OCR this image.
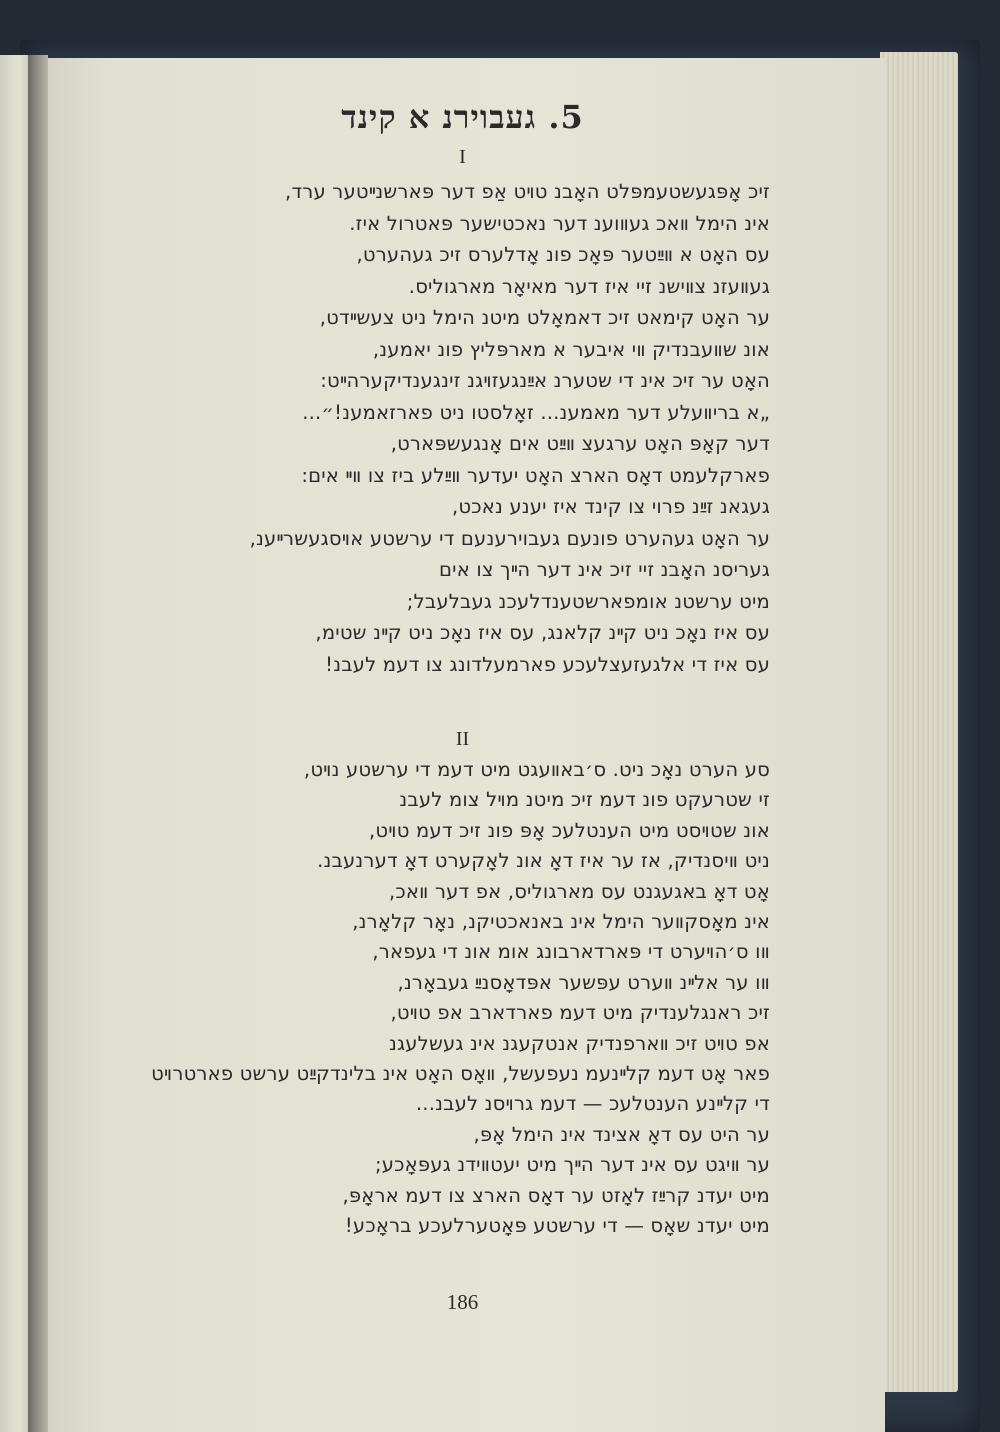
5. געבוירנ א קינד
I
זיכ אָפּגעשטעמפּלט האָבנ טױט אַפ דער פּארשנײטער ערד,
אינ הימל װאכ געװוענ דער נאכטישער פּאטרול איז.
עס האָט א װײַטער פּאָכ פונ אָדלערס זיכ געהערט,
געװעזנ צװישנ זיי איז דער מאיאָר מארגוליס.
ער האָט קימאט זיכ דאמאָלט מיטנ הימל ניט צעשײדט,
אונ שװעבנדיק װי איבער א מארפּליץ פונ יאמענ,
האָט ער זיכ אינ די שטערנ אײַנגעזױגנ זינגענדיקערהײט:
„א בריװעלע דער מאמענ... זאָלסטו ניט פארזאמענ!״...
דער קאָפּ האָט ערגעצ װײַט אים אָנגעשפּארט,
פארקלעמט דאָס הארצ האָט יעדער װײַלע ביז צו װײ אים:
געגאנ זײַנ פרוי צו קינד איז יענע נאכט,
ער האָט געהערט פונעם געבוירענעם די ערשטע אױסגעשרײענ,
געריסנ האָבנ זיי זיכ אינ דער הײך צו אים
מיט ערשטנ אומפארשטענדלעכנ געבלעבל;
עס איז נאָכ ניט קײנ קלאנג, עס איז נאָכ ניט קײנ שטימ,
עס איז די אלגעזעצלעכע פארמעלדונג צו דעמ לעבנ!
II
סע הערט נאָכ ניט. ס׳באװעגט מיט דעמ די ערשטע נױט,
זי שטרעקט פונ דעמ זיכ מיטנ מױל צומ לעבנ
אונ שטױסט מיט הענטלעכ אָפּ פונ זיכ דעמ טױט,
ניט װיסנדיק, אז ער איז דאָ אונ לאָקערט דאָ דערנעבנ.
אָט דאָ באגעגנט עס מארגוליס, אפ דער װאכ,
אינ מאָסקװער הימל אינ באנאכטיקנ, נאָר קלאָרנ,
װו ס׳הױערט די פּארדארבונג אומ אונ די געפאר,
װו ער אלײנ װערט עפּשער אפּדאָסנײַ געבאָרנ,
זיכ ראנגלענדיק מיט דעמ פארדארב אפ טױט,
אפ טױט זיכ װארפנדיק אנטקעגנ אינ געשלעגנ
פאר אָט דעמ קלײנעמ נעפעשל, װאָס האָט אינ בלינדקײַט ערשט פארטרױט
די קלײנע הענטלעכ — דעמ גרױסנ לעבנ...
ער היט עס דאָ אצינד אינ הימל אָפּ,
ער װיגט עס אינ דער הײך מיט יעטװידנ געפּאָכע;
מיט יעדנ קרײַז לאָזט ער דאָס הארצ צו דעמ אראָפּ,
מיט יעדנ שאָס — די ערשטע פּאָטערלעכע בראָכע!
186
